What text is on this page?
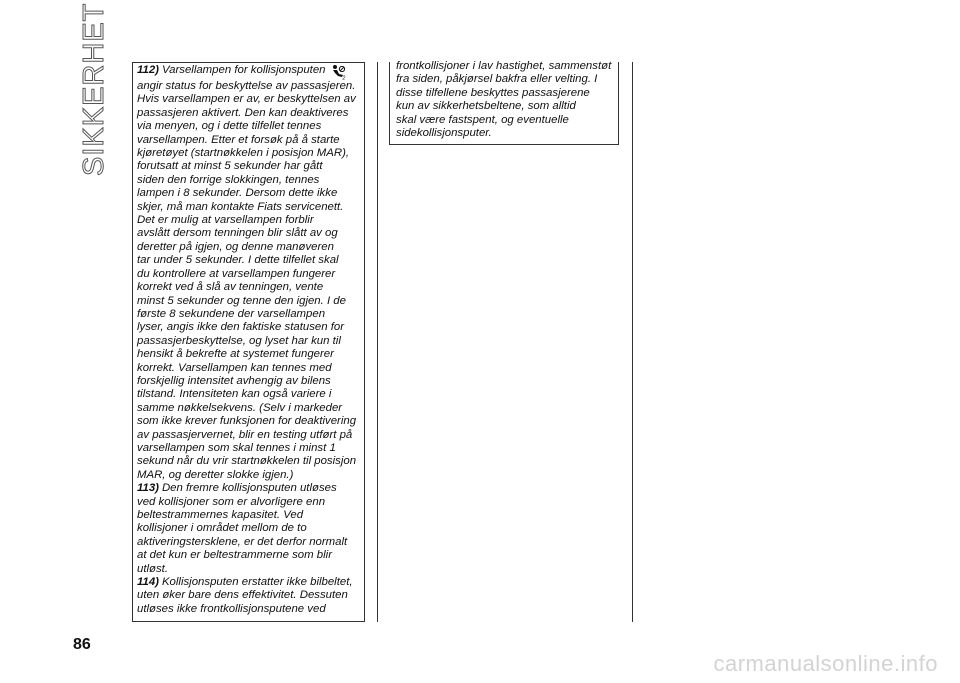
SIKKERHET 112) Varsellampen for kollisjonsputen
2
angir status for beskyttelse av passasjeren.
Hvis varsellampen er av, er beskyttelsen av
passasjeren aktivert. Den kan deaktiveres
via menyen, og i dette tilfellet tennes
varsellampen. Etter et forsøk på å starte
kjøretøyet (startnøkkelen i posisjon MAR),
forutsatt at minst 5 sekunder har gått
siden den forrige slokkingen, tennes
lampen i 8 sekunder. Dersom dette ikke
skjer, må man kontakte Fiats servicenett.
Det er mulig at varsellampen forblir
avslått dersom tenningen blir slått av og
deretter på igjen, og denne manøveren
tar under 5 sekunder. I dette tilfellet skal
du kontrollere at varsellampen fungerer
korrekt ved å slå av tenningen, vente
minst 5 sekunder og tenne den igjen. I de
første 8 sekundene der varsellampen
lyser, angis ikke den faktiske statusen for
passasjerbeskyttelse, og lyset har kun til
hensikt å bekrefte at systemet fungerer
korrekt. Varsellampen kan tennes med
forskjellig intensitet avhengig av bilens
tilstand. Intensiteten kan også variere i
samme nøkkelsekvens. (Selv i markeder
som ikke krever funksjonen for deaktivering
av passasjervernet, blir en testing utført på
varsellampen som skal tennes i minst 1
sekund når du vrir startnøkkelen til posisjon
MAR, og deretter slokke igjen.)
113) Den fremre kollisjonsputen utløses
ved kollisjoner som er alvorligere enn
beltestrammernes kapasitet. Ved
kollisjoner i området mellom de to
aktiveringstersklene, er det derfor normalt
at det kun er beltestrammerne som blir
utløst.
114) Kollisjonsputen erstatter ikke bilbeltet,
uten øker bare dens effektivitet. Dessuten
utløses ikke frontkollisjonsputene ved
frontkollisjoner i lav hastighet, sammenstøt
fra siden, påkjørsel bakfra eller velting. I
disse tilfellene beskyttes passasjerene
kun av sikkerhetsbeltene, som alltid
skal være fastspent, og eventuelle
sidekollisjonsputer.
86
carmanualsonline.info
